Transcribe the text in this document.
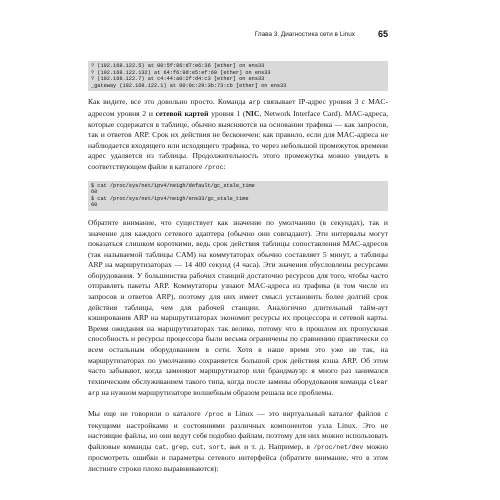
Глава 3. Диагностика сети в Linux	65
? (192.168.122.5) at 00:5f:86:d7:e6:36 [ether] on ens33
? (192.168.122.132) at 64:f6:9d:e5:ef:60 [ether] on ens33
? (192.168.122.7) at c4:44:a0:2f:d4:c3 [ether] on ens33
_gateway (192.168.122.1) at 00:0c:29:3b:73:cb [ether] on ens33

Как видите, все это довольно просто. Команда arp связывает IP-адрес уровня 3 с MAC-адресом уровня 2 и сетевой картой уровня 1 (NIC, Network Interface Card). MAC-адреса, которые содержатся в таблице, обычно выясняются на основании трафика — как запросов, так и ответов ARP. Срок их действия не бесконечен: как правило, если для MAC-адреса не наблюдается входящего или исходящего трафика, то через небольшой промежуток времени адрес удаляется из таблицы. Продолжительность этого промежутка можно увидеть в соответствующем файле в каталоге /proc:

$ cat /proc/sys/net/ipv4/neigh/default/gc_stale_time
60
$ cat /proc/sys/net/ipv4/neigh/ens33/gc_stale_time
60

Обратите внимание, что существует как значение по умолчанию (в секундах), так и значение для каждого сетевого адаптера (обычно они совпадают). Эти интервалы могут показаться слишком короткими, ведь срок действия таблицы сопоставления MAC-адресов (так называемой таблицы CAM) на коммутаторах обычно составляет 5 минут, а таблицы ARP на маршрутизаторах — 14 400 секунд (4 часа). Эти значения обусловлены ресурсами оборудования. У большинства рабочих станций достаточно ресурсов для того, чтобы часто отправлять пакеты ARP. Коммутаторы узнают MAC-адреса из трафика (в том числе из запросов и ответов ARP), поэтому для них имеет смысл установить более долгий срок действия таблицы, чем для рабочей станции. Аналогично длительный тайм-аут кэширования ARP на маршрутизаторах экономит ресурсы их процессора и сетевой карты. Время ожидания на маршрутизаторах так велико, потому что в прошлом их пропускная способность и ресурсы процессора были весьма ограничены по сравнению практически со всем остальным оборудованием в сети. Хотя в наше время это уже не так, на маршрутизаторах по умолчанию сохраняется большой срок действия кэша ARP. Об этом часто забывают, когда заменяют маршрутизатор или брандмауэр: я много раз занимался техническим обслуживанием такого типа, когда после замены оборудования команда clear arp на нужном маршрутизаторе волшебным образом решала все проблемы.

Мы еще не говорили о каталоге /proc в Linux — это виртуальный каталог файлов с текущими настройками и состояниями различных компонентов узла Linux. Это не настоящие файлы, но они ведут себя подобно файлам, поэтому для них можно использовать файловые команды cat, grep, cut, sort, awk и т. д. Например, в /proc/net/dev можно просмотреть ошибки и параметры сетевого интерфейса (обратите внимание, что в этом листинге строки плохо выравниваются):
